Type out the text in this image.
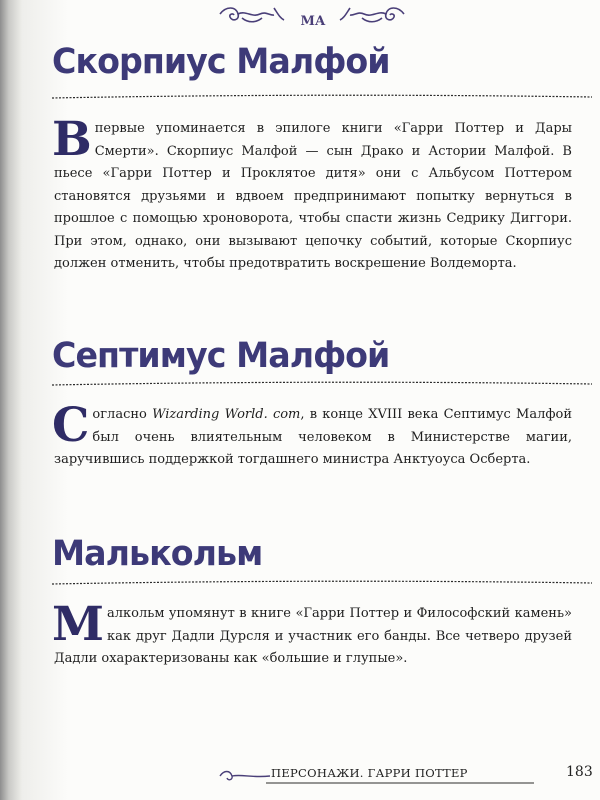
МА
Скорпиус Малфой

Впервые упоминается в эпилоге книги «Гарри Поттер и Дары Смерти». Скорпиус Малфой — сын Драко и Астории Малфой. В пьесе «Гарри Поттер и Проклятое дитя» они с Альбусом Поттером становятся друзьями и вдвоем предпринимают попытку вернуться в прошлое с помощью хроноворота, чтобы спасти жизнь Седрику Диггори. При этом, однако, они вызывают цепочку событий, которые Скорпиус должен отменить, чтобы предотвратить воскрешение Волдеморта.

Септимус Малфой

Согласно Wizarding World. com, в конце XVIII века Септимус Малфой был очень влиятельным человеком в Министерстве магии, заручившись поддержкой тогдашнего министра Анктуоуса Осберта.

Малькольм

Малкольм упомянут в книге «Гарри Поттер и Философский камень» как друг Дадли Дурсля и участник его банды. Все четверо друзей Дадли охарактеризованы как «большие и глупые».

ПЕРСОНАЖИ. ГАРРИ ПОТТЕР	183
